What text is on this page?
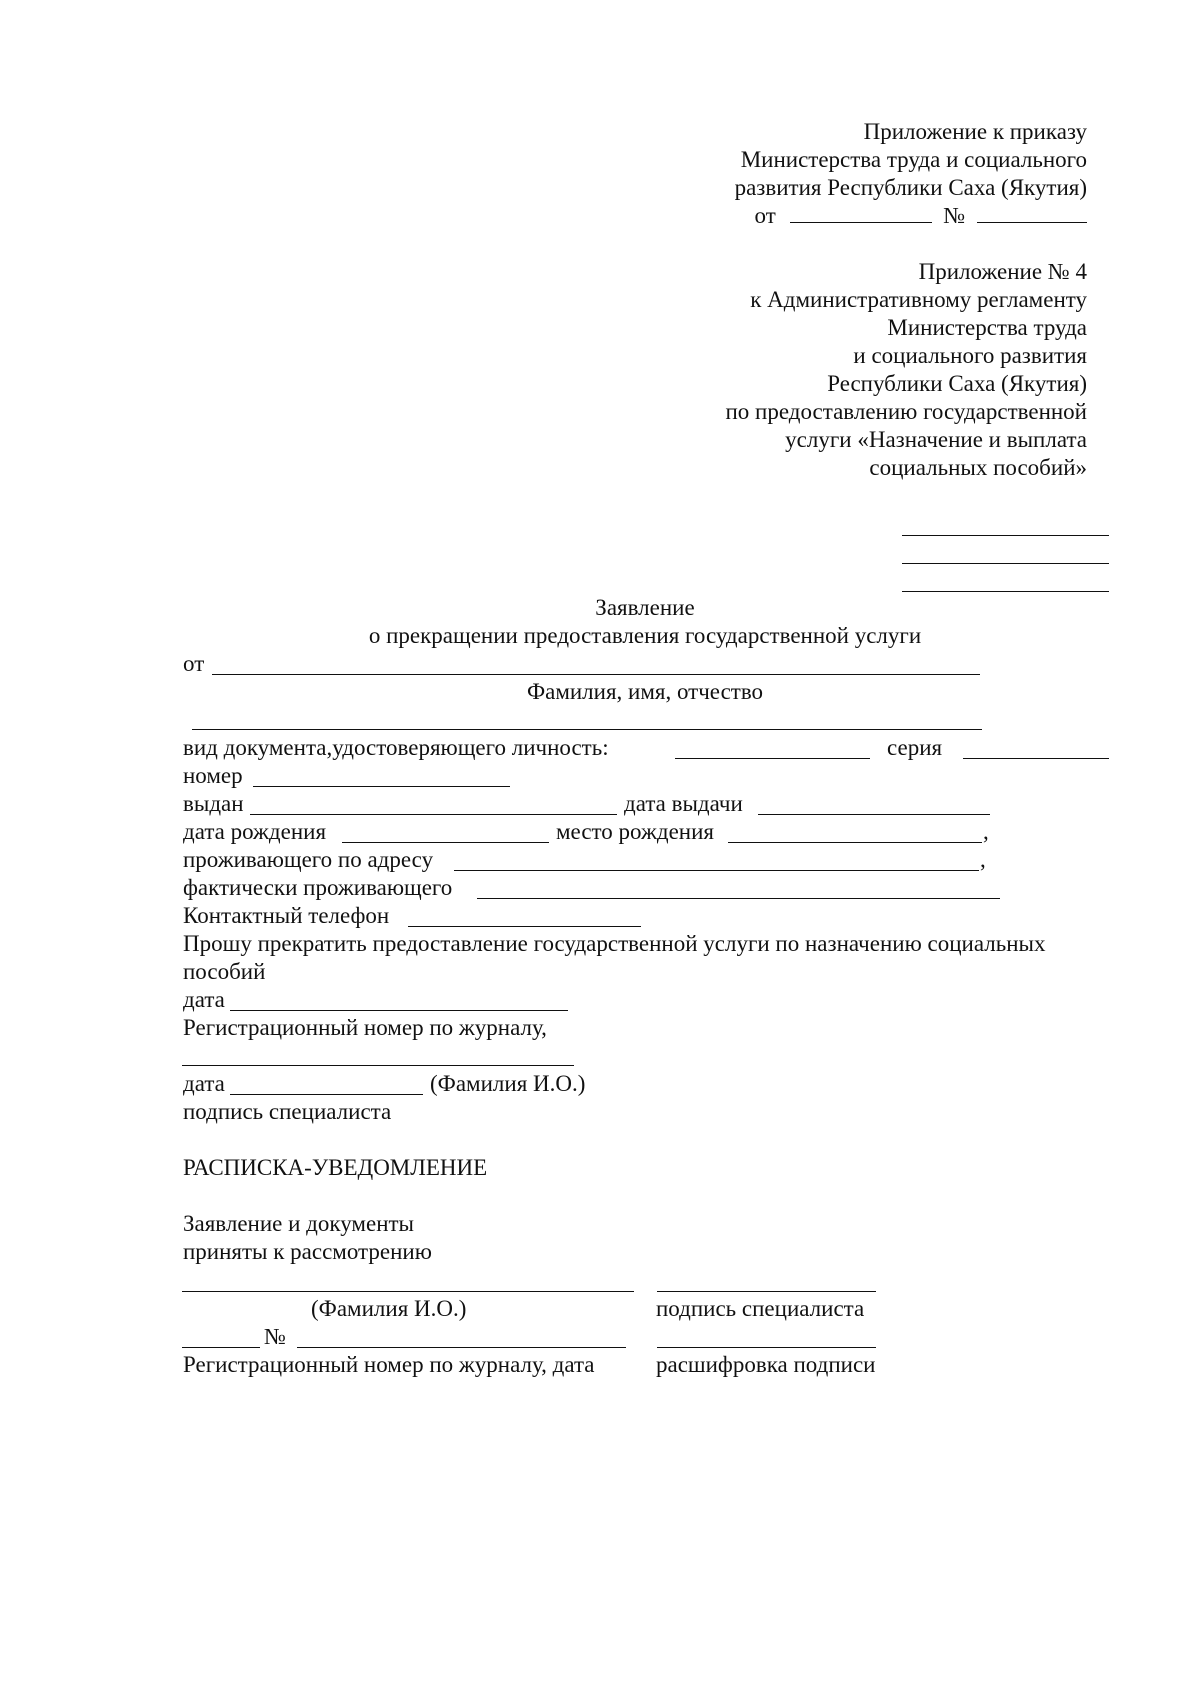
Приложение к приказу
Министерства труда и социального
развития Республики Саха (Якутия)
от	№
Приложение № 4
к Административному регламенту
Министерства труда
и социального развития
Республики Саха (Якутия)
по предоставлению государственной
услуги «Назначение и выплата
социальных пособий»
Заявление
о прекращении предоставления государственной услуги
от
Фамилия, имя, отчество
вид документа,удостоверяющего личность:	серия
номер
выдан	дата выдачи
дата рождения	место рождения	,
проживающего по адресу	,
фактически проживающего
Контактный телефон
Прошу прекратить предоставление государственной услуги по назначению социальных
пособий
дата
Регистрационный номер по журналу,
дата	(Фамилия И.О.)
подпись специалиста
РАСПИСКА-УВЕДОМЛЕНИЕ
Заявление и документы
приняты к рассмотрению
(Фамилия И.О.)	подпись специалиста
№
Регистрационный номер по журналу, дата	расшифровка подписи
